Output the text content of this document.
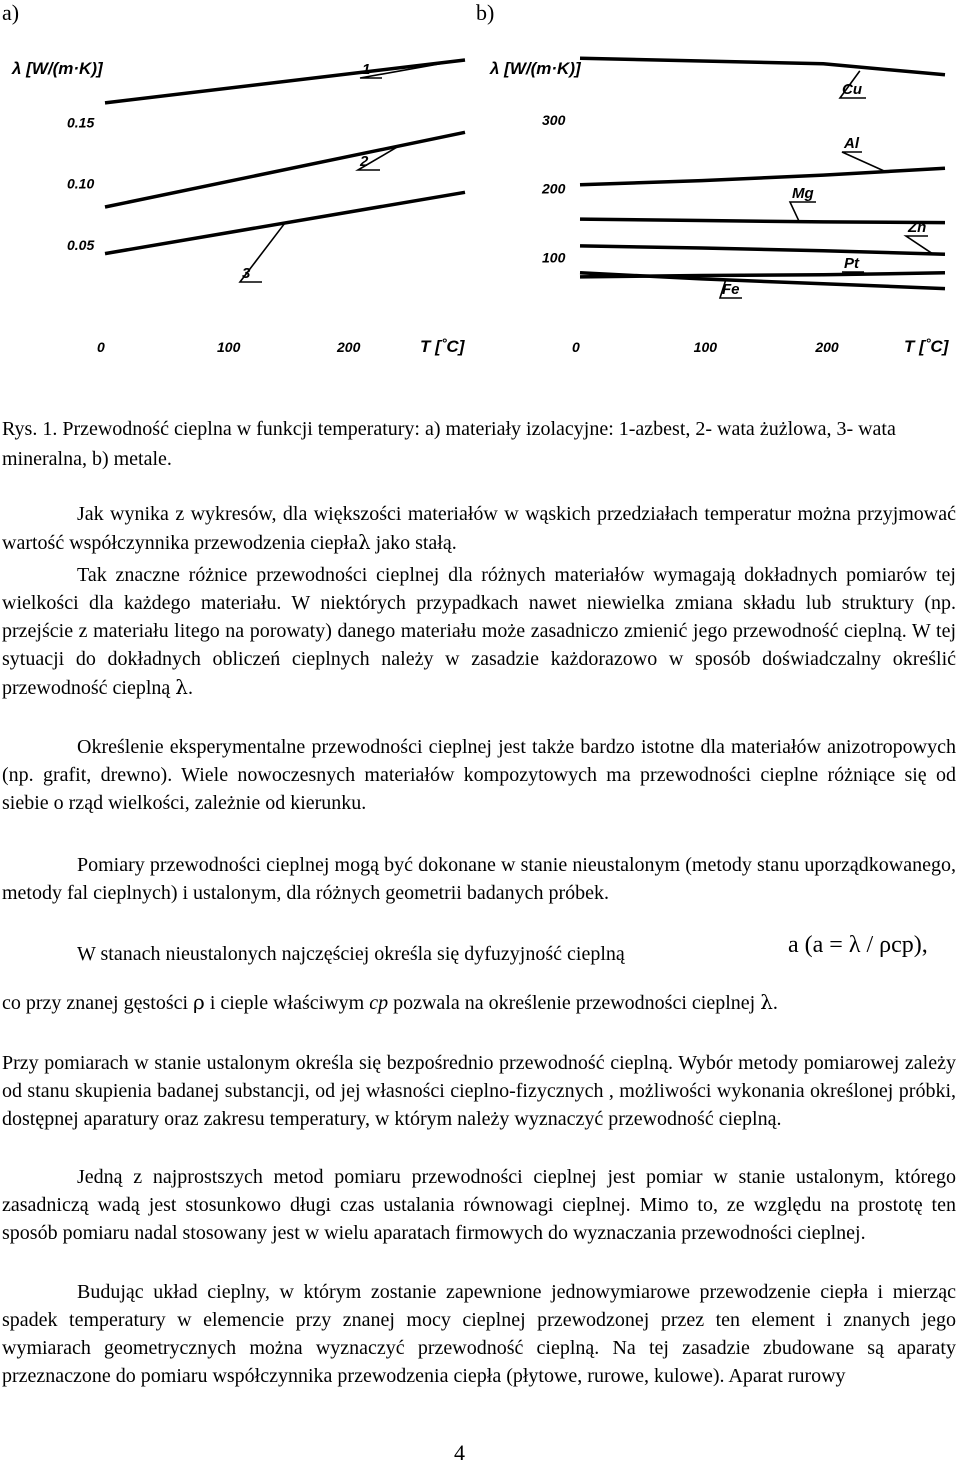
a)	b)
λ [W/(m·K)]
T [˚C]
0.15
0.10
0.05
0	100	200
1
2
3
λ [W/(m·K)]
T [˚C]
300
200
100
0	100	200
Cu
Al
Mg
Zn
Pt
Fe
Rys. 1. Przewodność cieplna w funkcji temperatury: a) materiały izolacyjne: 1-azbest, 2- wata żużlowa, 3- wata mineralna, b) metale.

Jak wynika z wykresów, dla większości materiałów w wąskich przedziałach temperatur można przyjmować wartość współczynnika przewodzenia ciepłaλ jako stałą.

Tak znaczne różnice przewodności cieplnej dla różnych materiałów wymagają dokładnych pomiarów tej wielkości dla każdego materiału. W niektórych przypadkach nawet niewielka zmiana składu lub struktury (np. przejście z materiału litego na porowaty) danego materiału może zasadniczo zmienić jego przewodność cieplną. W tej sytuacji do dokładnych obliczeń cieplnych należy w zasadzie każdorazowo w sposób doświadczalny określić przewodność cieplną λ.

Określenie eksperymentalne przewodności cieplnej jest także bardzo istotne dla materiałów anizotropowych (np. grafit, drewno). Wiele nowoczesnych materiałów kompozytowych ma przewodności cieplne różniące się od siebie o rząd wielkości, zależnie od kierunku.

Pomiary przewodności cieplnej mogą być dokonane w stanie nieustalonym (metody stanu uporządkowanego, metody fal cieplnych) i ustalonym, dla różnych geometrii badanych próbek.

W stanach nieustalonych najczęściej określa się dyfuzyjność cieplną	a (a = λ / ρcp),

co przy znanej gęstości ρ i cieple właściwym cp pozwala na określenie przewodności cieplnej λ.

Przy pomiarach w stanie ustalonym określa się bezpośrednio przewodność cieplną. Wybór metody pomiarowej zależy od stanu skupienia badanej substancji, od jej własności cieplno-fizycznych , możliwości wykonania określonej próbki, dostępnej aparatury oraz zakresu temperatury, w którym należy wyznaczyć przewodność cieplną.

Jedną z najprostszych metod pomiaru przewodności cieplnej jest pomiar w stanie ustalonym, którego zasadniczą wadą jest stosunkowo długi czas ustalania równowagi cieplnej. Mimo to, ze względu na prostotę ten sposób pomiaru nadal stosowany jest w wielu aparatach firmowych do wyznaczania przewodności cieplnej.

Budując układ cieplny, w którym zostanie zapewnione jednowymiarowe przewodzenie ciepła i mierząc spadek temperatury w elemencie przy znanej mocy cieplnej przewodzonej przez ten element i znanych jego wymiarach geometrycznych można wyznaczyć przewodność cieplną. Na tej zasadzie zbudowane są aparaty przeznaczone do pomiaru współczynnika przewodzenia ciepła (płytowe, rurowe, kulowe). Aparat rurowy

4
